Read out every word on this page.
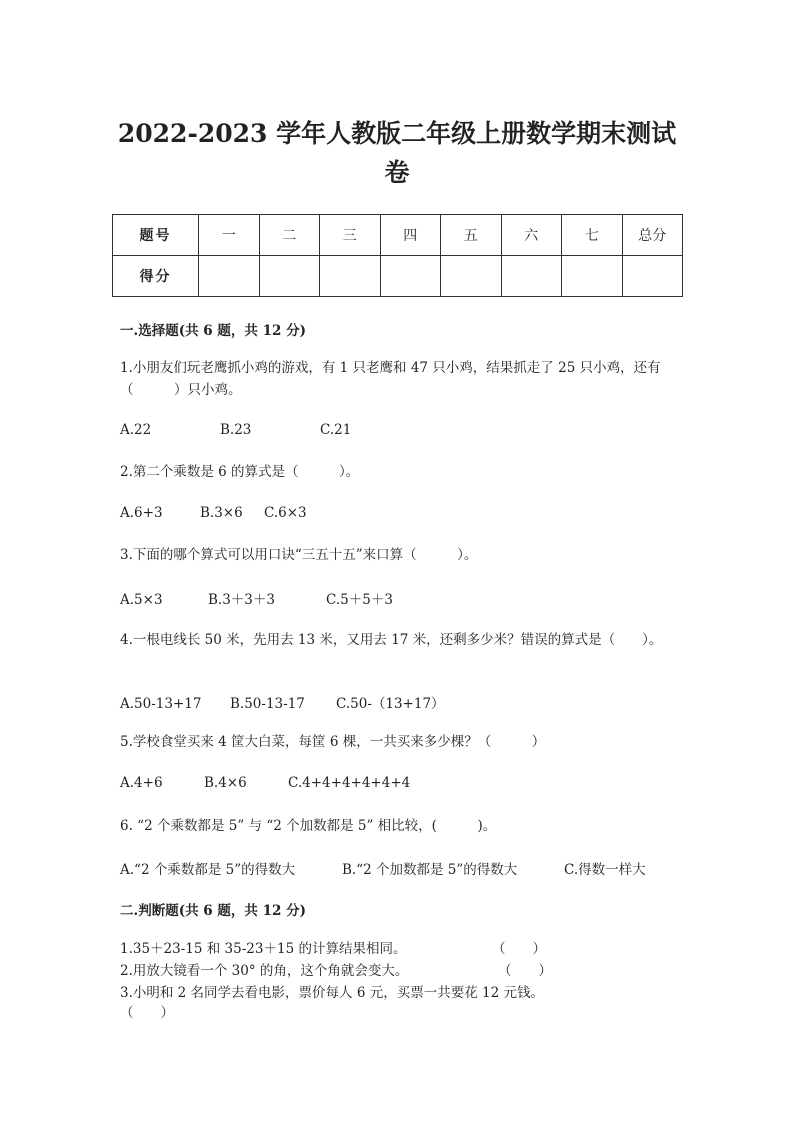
2022-2023 学年人教版二年级上册数学期末测试
卷
题号	一	二	三	四	五	六	七	总分
得分								
一.选择题(共 6 题，共 12 分)
1.小朋友们玩老鹰抓小鸡的游戏，有 1 只老鹰和 47 只小鸡，结果抓走了 25 只小鸡，还有（　　　）只小鸡。
A.22	B.23	C.21
2.第二个乘数是 6 的算式是（　　　）。
A.6+3	B.3×6 C.6×3
3.下面的哪个算式可以用口诀“三五十五”来口算（　　　）。
A.5×3	B.3＋3＋3	C.5＋5＋3
4.一根电线长 50 米，先用去 13 米，又用去 17 米，还剩多少米？错误的算式是（　　）。
A.50-13+17 B.50-13-17 C.50-（13+17）
5.学校食堂买来 4 筐大白菜，每筐 6 棵，一共买来多少棵？（　　　）
A.4+6	B.4×6	C.4+4+4+4+4+4
6. “2 个乘数都是 5” 与 “2 个加数都是 5” 相比较，(　　　)。
A.“2 个乘数都是 5”的得数大	B.“2 个加数都是 5”的得数大	C.得数一样大
二.判断题(共 6 题，共 12 分)
1.35＋23-15 和 35-23＋15 的计算结果相同。	（　　）
2.用放大镜看一个 30° 的角，这个角就会变大。	（　　）
3.小明和 2 名同学去看电影，票价每人 6 元，买票一共要花 12 元钱。
（　　）
